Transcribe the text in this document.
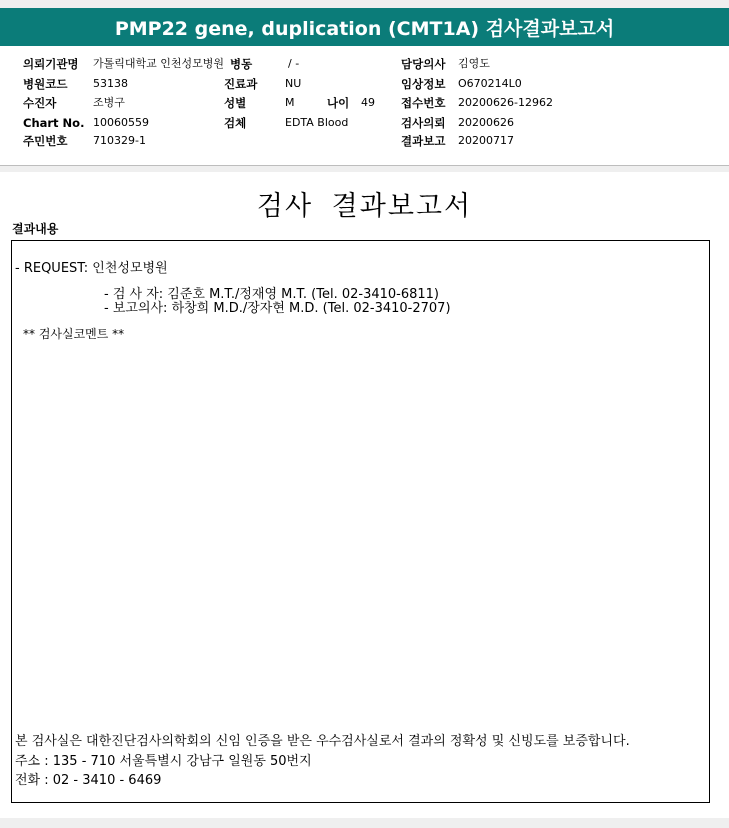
PMP22 gene, duplication (CMT1A) 검사결과보고서
의뢰기관명 가톨릭대학교 인천성모병원
병원코드 53138
수진자	조병구
Chart No. 10060559
주민번호 710329-1
병동	/ -
진료과	NU
성별	M	나이 49
검체	EDTA Blood
담당의사 김영도
임상정보 O670214L0
접수번호 20200626-12962
검사의뢰 20200626
결과보고 20200717
검사 결과보고서
결과내용
- REQUEST: 인천성모병원
- 검 사 자: 김준호 M.T./정재영 M.T. (Tel. 02-3410-6811)
- 보고의사: 하창희 M.D./장자현 M.D. (Tel. 02-3410-2707)
** 검사실코멘트 **
본 검사실은 대한진단검사의학회의 신임 인증을 받은 우수검사실로서 결과의 정확성 및 신빙도를 보증합니다.
주소 : 135 - 710 서울특별시 강남구 일원동 50번지
전화 : 02 - 3410 - 6469
